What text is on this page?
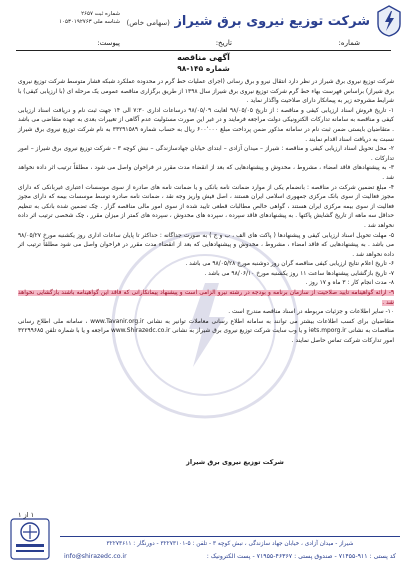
شماره ثبت ۲۶۵۷
شناسه ملی ۱۰۵۳۰۱۹۲۷۶۳	شرکت توزیع نیروی برق شیراز (سهامی خاص)
شماره:
تاریخ:
پیوست:
آگهی مناقصه
شماره ۱۴۵-۹۸

شرکت توزیع نیروی برق شیراز در نظر دارد انتقال نیرو و برق رسانی (اجرای عملیات خط گرم در محدوده عملکرد شبکه فشار متوسط شرکت توزیع نیروی برق شیراز) براساس فهرست بهاء خط گرم شرکت توزیع نیروی برق شیراز سال ۱۳۹۸ از طریق برگزاری مناقصه عمومی یک مرحله ای (با ارزیابی کیفی) با شرایط مشروحه زیر به پیمانکار دارای صلاحیت واگذار نماید .

۱- تاریخ فروش اسناد ارزیابی کیفی و مناقصه : از تاریخ ۹۸/۰۵/۰۵ لغایت ۹۸/۰۵/۰۹ درساعات اداری ۷:۳۰ الی ۱۴ جهت ثبت نام و دریافت اسناد ارزیابی کیفی و مناقصه به سامانه تدارکات الکترونیکی دولت مراجعه فرمایند و در غیر این صورت مسئولیت عدم آگاهی از تغییرات بعدی به عهده متقاضی می باشد . متقاضیان بایستی ضمن ثبت نام در سامانه مذکور ضمن پرداخت مبلغ ۶۰۰٬۰۰۰ ریال به حساب شماره ۳۳۲۹۱۵۸۹ به نام شرکت توزیع نیروی برق شیراز نسبت به دریافت اسناد اقدام نمایند .

۲- محل تحویل اسناد ارزیابی کیفی و مناقصه : شیراز – میدان آزادی – ابتدای خیابان جهادسازندگی – نبش کوچه ۳ – شرکت توزیع نیروی برق شیراز – امور تدارکات .

۳- به پیشنهادهای فاقد امضاء ، مشروط ، مخدوش و پیشنهادهایی که بعد از انقضاء مدت مقرر در فراخوان واصل می شود ، مطلقاً ترتیب اثر داده نخواهد شد .

۴- مبلغ تضمین شرکت در مناقصه : بانضمام یکی از موارد ضمانت نامه بانکی و یا ضمانت نامه های صادره از سوی موسسات اعتباری غیربانکی که دارای مجوز فعالیت از سوی بانک مرکزی جمهوری اسلامی ایران هستند ، اصل فیش واریز وجه نقد ، ضمانت نامه صادره توسط موسسات بیمه که دارای مجوز فعالیت از سوی بیمه مرکزی ایران هستند ، گواهی خالص مطالبات قطعی تایید شده از سوی امور مالی مناقصه گزار . چک تضمین شده بانکی به تنظیم حداقل سه ماهه از تاریخ گشایش پاکتها . به پیشنهادهای فاقد سپرده ، سپرده های مخدوش ، سپرده های کمتر از میزان مقرر ، چک شخصی ترتیب اثر داده نخواهد شد .

۵- مهلت تحویل اسناد ارزیابی کیفی و پیشنهادها ( پاکت های الف ، ب و ج ) به صورت جداگانه : حداکثر تا پایان ساعات اداری روز یکشنبه مورخ ۹۸/۰۵/۲۷ می باشد . به پیشنهادهایی که فاقد امضاء ، مشروط ، مخدوش و پیشنهادهایی که بعد از انقضاء مدت مقرر در فراخوان واصل می شود مطلقاً ترتیب اثر داده نخواهد شد .

۶- تاریخ اعلام نتایج ارزیابی کیفی مناقصه گران روز دوشنبه مورخ ۹۸/۰۵/۲۸ می باشد .

۷- تاریخ بازگشایی پیشنهادها ساعت ۱۱ روز یکشنبه مورخ ۹۸/۰۶/۱۰ می باشد .

۸- مدت انجام کار : ۳ ماه و ۱۷ روز .

۹- ارائه گواهینامه تایید صلاحیت از سازمان برنامه و بودجه در رشته نیرو الزامی است و پیشنهاد پیمانکارانی که فاقد این گواهینامه باشند بازگشایی نخواهد شد .

۱۰- سایر اطلاعات و جزئیات مربوطه در اسناد مناقصه مندرج است .

متقاضیان برای کسب اطلاعات بیشتر می توانند به سامانه اطلاع رسانی معاملات توانیر به نشانی www.Tavanir.org.ir ، سامانه ملی اطلاع رسانی مناقصات به نشانی iets.mporg.ir و یا وب سایت شرکت توزیع نیروی برق شیراز به نشانی www.Shirazedc.co.ir مراجعه و یا با شماره تلفن ۳۲۲۹۹۶۸۵ امور تدارکات شرکت تماس حاصل نمایند .

شرکت توزیع نیروی برق شیراز
۱ از ۱
شیراز - میدان آزادی ، خیابان جهاد سازندگی ، نبش کوچه ۳ - تلفن : ۵-۳۲۲۷۳۱۰۱ - دورنگار : ۳۲۲۷۳۶۱۱
info@shirazedc.co.ir	کد پستی : ۹۱۱-۷۱۴۵۵ - صندوق پستی : ۴۶۳۶۷-۷۱۹۵۵ - پست الکترونیک :
